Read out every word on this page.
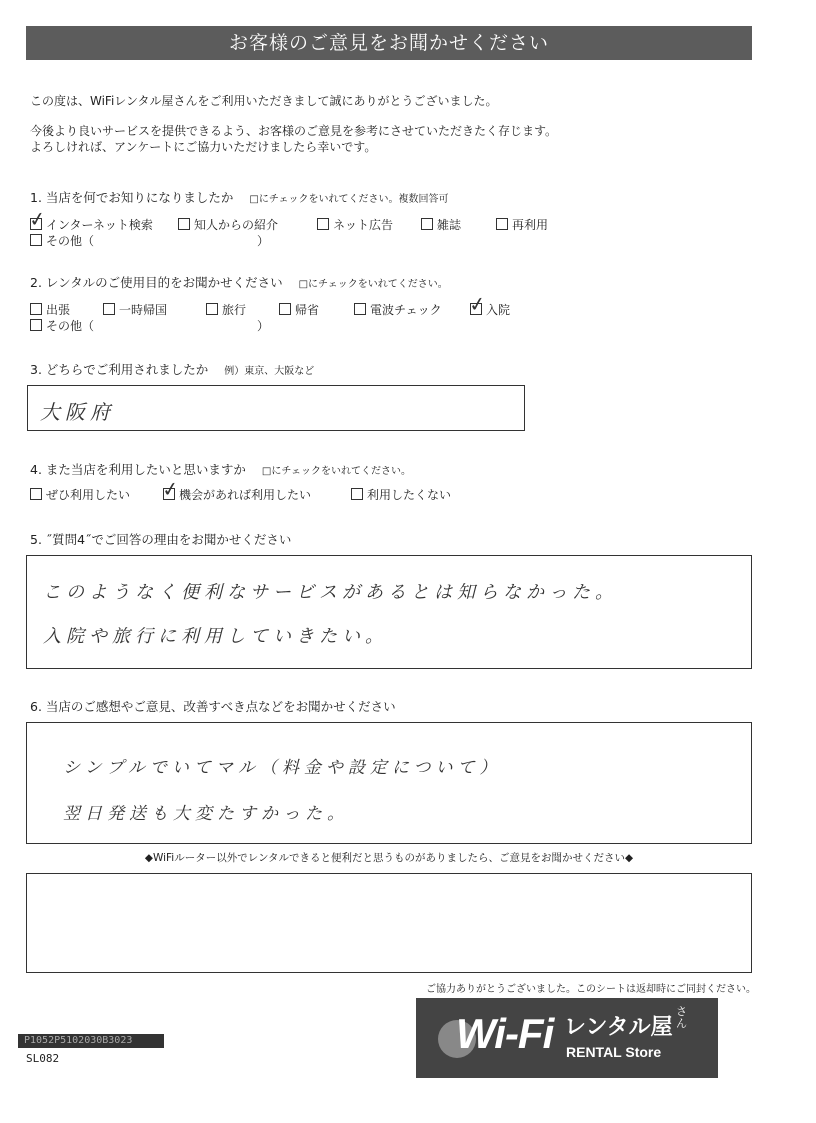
お客様のご意見をお聞かせください
この度は、WiFiレンタル屋さんをご利用いただきまして誠にありがとうございました。
今後より良いサービスを提供できるよう、お客様のご意見を参考にさせていただきたく存じます。
よろしければ、アンケートにご協力いただけましたら幸いです。
1. 当店を何でお知りになりましたか □にチェックをいれてください。複数回答可
✓
インターネット検索	知人からの紹介	ネット広告	雑誌	再利用
その他（	）
2. レンタルのご使用目的をお聞かせください □にチェックをいれてください。
出張	一時帰国	旅行	帰省	電波チェック ✓
入院
その他（	）
3. どちらでご利用されましたか 例）東京、大阪など
大阪府
4. また当店を利用したいと思いますか □にチェックをいれてください。
ぜひ利用したい ✓
機会があれば利用したい	利用したくない
5. ˝質問4˝でご回答の理由をお聞かせください
このようなく便利なサービスがあるとは知らなかった。
入院や旅行に利用していきたい。
6. 当店のご感想やご意見、改善すべき点などをお聞かせください
シンプルでいてマル（料金や設定について）
翌日発送も大変たすかった。
◆WiFiルーター以外でレンタルできると便利だと思うものがありましたら、ご意見をお聞かせください◆
ご協力ありがとうございました。このシートは返却時にご同封ください。
Wi-Fi レンタル屋
さん
RENTAL Store
P1052P5102030B3023
SL082
